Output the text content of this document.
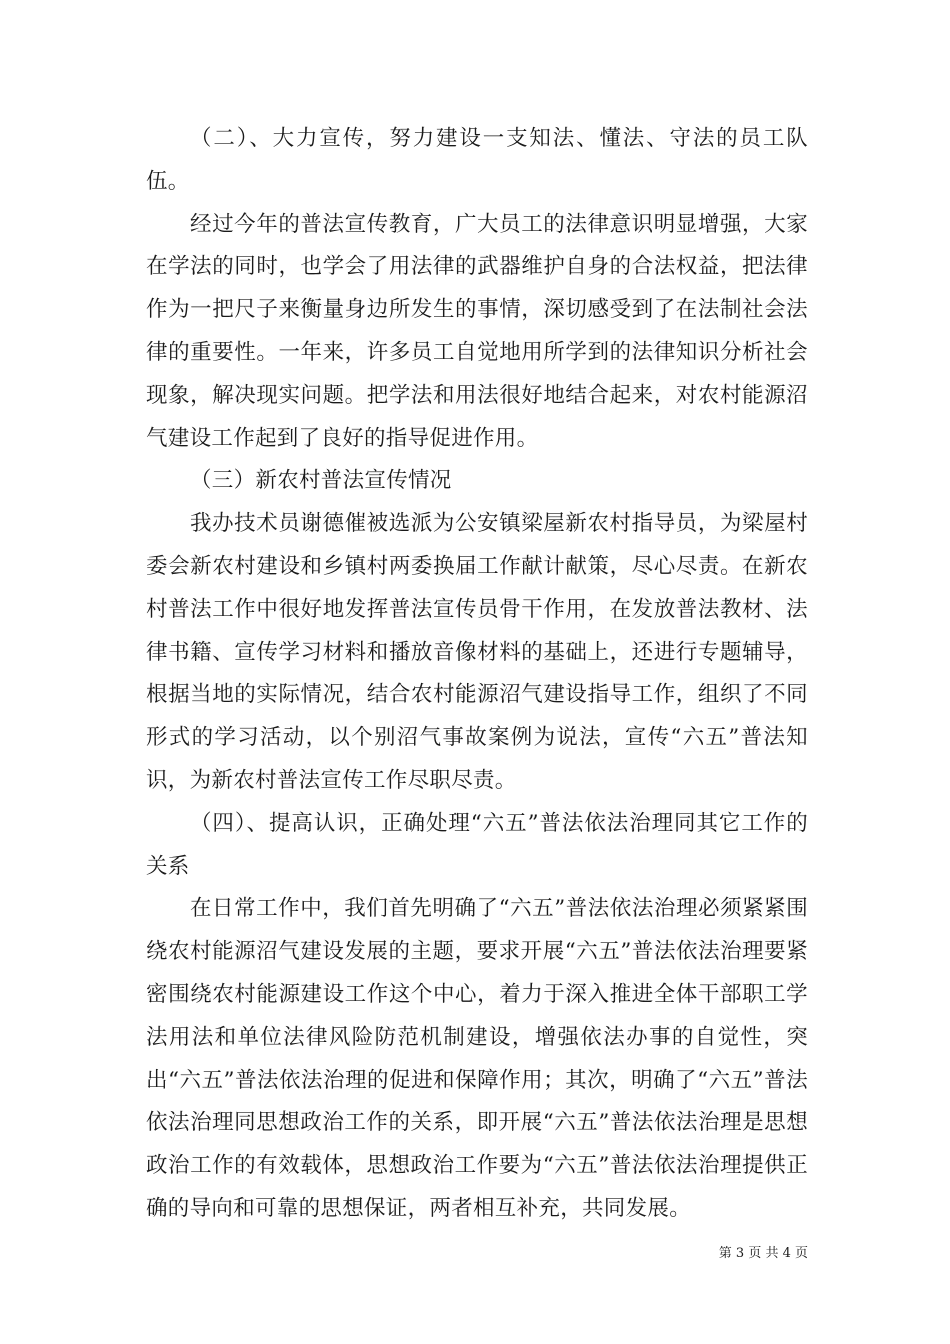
（二）、大力宣传，努力建设一支知法、懂法、守法的员工队伍。

经过今年的普法宣传教育，广大员工的法律意识明显增强，大家在学法的同时，也学会了用法律的武器维护自身的合法权益，把法律作为一把尺子来衡量身边所发生的事情，深切感受到了在法制社会法律的重要性。一年来，许多员工自觉地用所学到的法律知识分析社会现象，解决现实问题。把学法和用法很好地结合起来，对农村能源沼气建设工作起到了良好的指导促进作用。

（三）新农村普法宣传情况

我办技术员谢德催被选派为公安镇梁屋新农村指导员，为梁屋村委会新农村建设和乡镇村两委换届工作献计献策，尽心尽责。在新农村普法工作中很好地发挥普法宣传员骨干作用，在发放普法教材、法律书籍、宣传学习材料和播放音像材料的基础上，还进行专题辅导，根据当地的实际情况，结合农村能源沼气建设指导工作，组织了不同形式的学习活动，以个别沼气事故案例为说法，宣传“六五”普法知识，为新农村普法宣传工作尽职尽责。

（四）、提高认识，正确处理“六五”普法依法治理同其它工作的关系

在日常工作中，我们首先明确了“六五”普法依法治理必须紧紧围绕农村能源沼气建设发展的主题，要求开展“六五”普法依法治理要紧密围绕农村能源建设工作这个中心，着力于深入推进全体干部职工学法用法和单位法律风险防范机制建设，增强依法办事的自觉性，突出“六五”普法依法治理的促进和保障作用；其次，明确了“六五”普法依法治理同思想政治工作的关系，即开展“六五”普法依法治理是思想政治工作的有效载体，思想政治工作要为“六五”普法依法治理提供正确的导向和可靠的思想保证，两者相互补充，共同发展。

第 3 页 共 4 页
